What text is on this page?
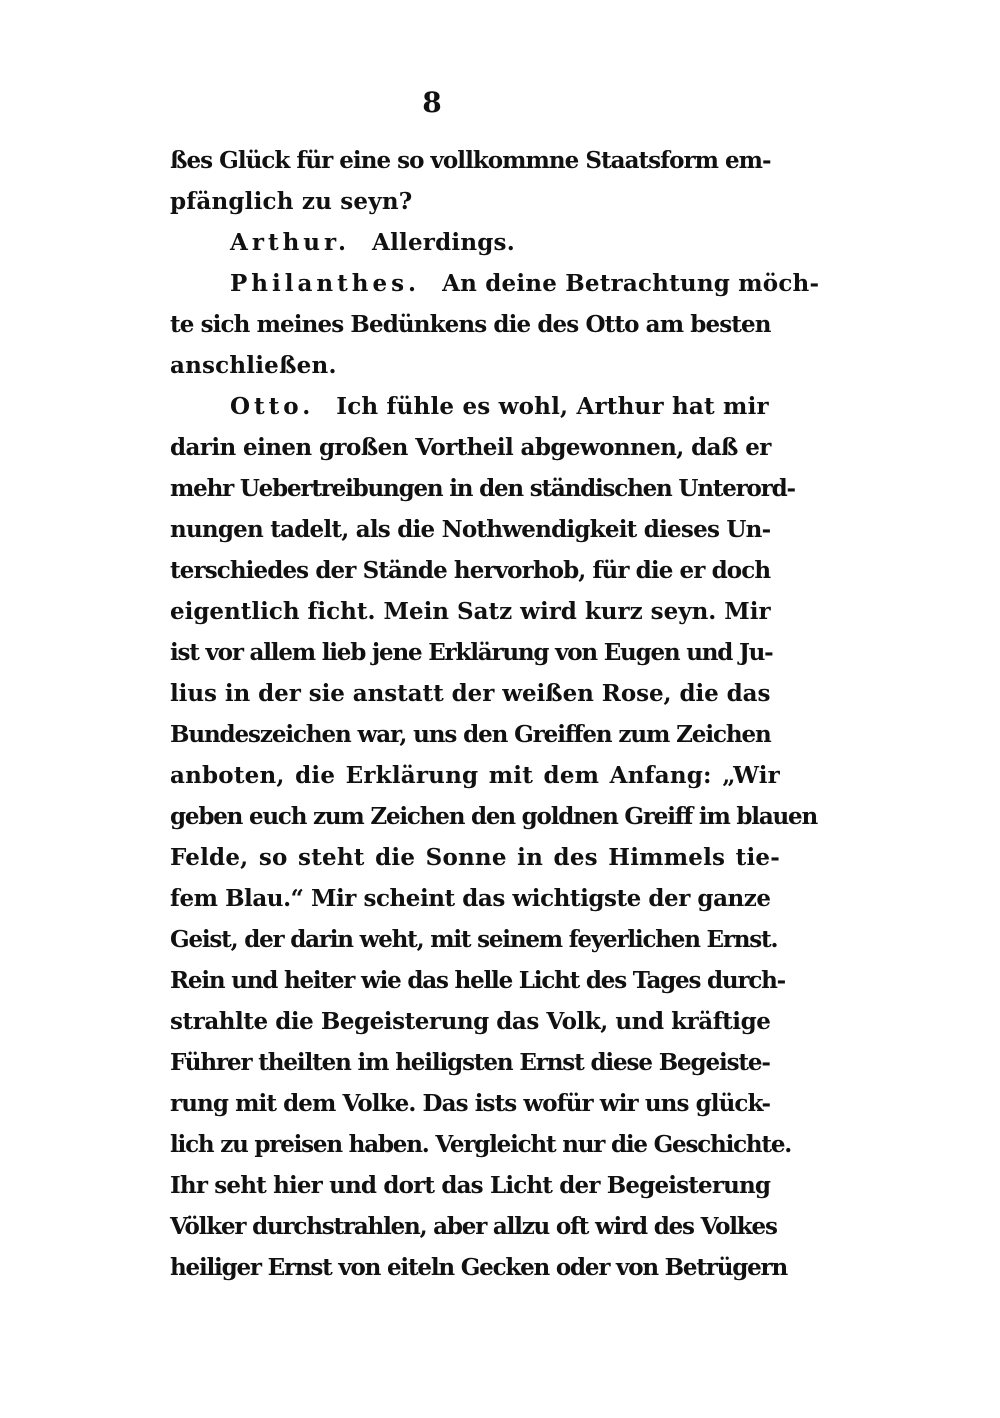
8
ßes Glück für eine so vollkommne Staatsform em-
pfänglich zu seyn?
Arthur. Allerdings.
Philanthes. An deine Betrachtung möch-
te sich meines Bedünkens die des Otto am besten
anschließen.
Otto. Ich fühle es wohl, Arthur hat mir
darin einen großen Vortheil abgewonnen, daß er
mehr Uebertreibungen in den ständischen Unterord-
nungen tadelt, als die Nothwendigkeit dieses Un-
terschiedes der Stände hervorhob, für die er doch
eigentlich ficht. Mein Satz wird kurz seyn. Mir
ist vor allem lieb jene Erklärung von Eugen und Ju-
lius in der sie anstatt der weißen Rose, die das
Bundeszeichen war, uns den Greiffen zum Zeichen
anboten, die Erklärung mit dem Anfang: „Wir
geben euch zum Zeichen den goldnen Greiff im blauen
Felde, so steht die Sonne in des Himmels tie-
fem Blau.“ Mir scheint das wichtigste der ganze
Geist, der darin weht, mit seinem feyerlichen Ernst.
Rein und heiter wie das helle Licht des Tages durch-
strahlte die Begeisterung das Volk, und kräftige
Führer theilten im heiligsten Ernst diese Begeiste-
rung mit dem Volke. Das ists wofür wir uns glück-
lich zu preisen haben. Vergleicht nur die Geschichte.
Ihr seht hier und dort das Licht der Begeisterung
Völker durchstrahlen, aber allzu oft wird des Volkes
heiliger Ernst von eiteln Gecken oder von Betrügern
